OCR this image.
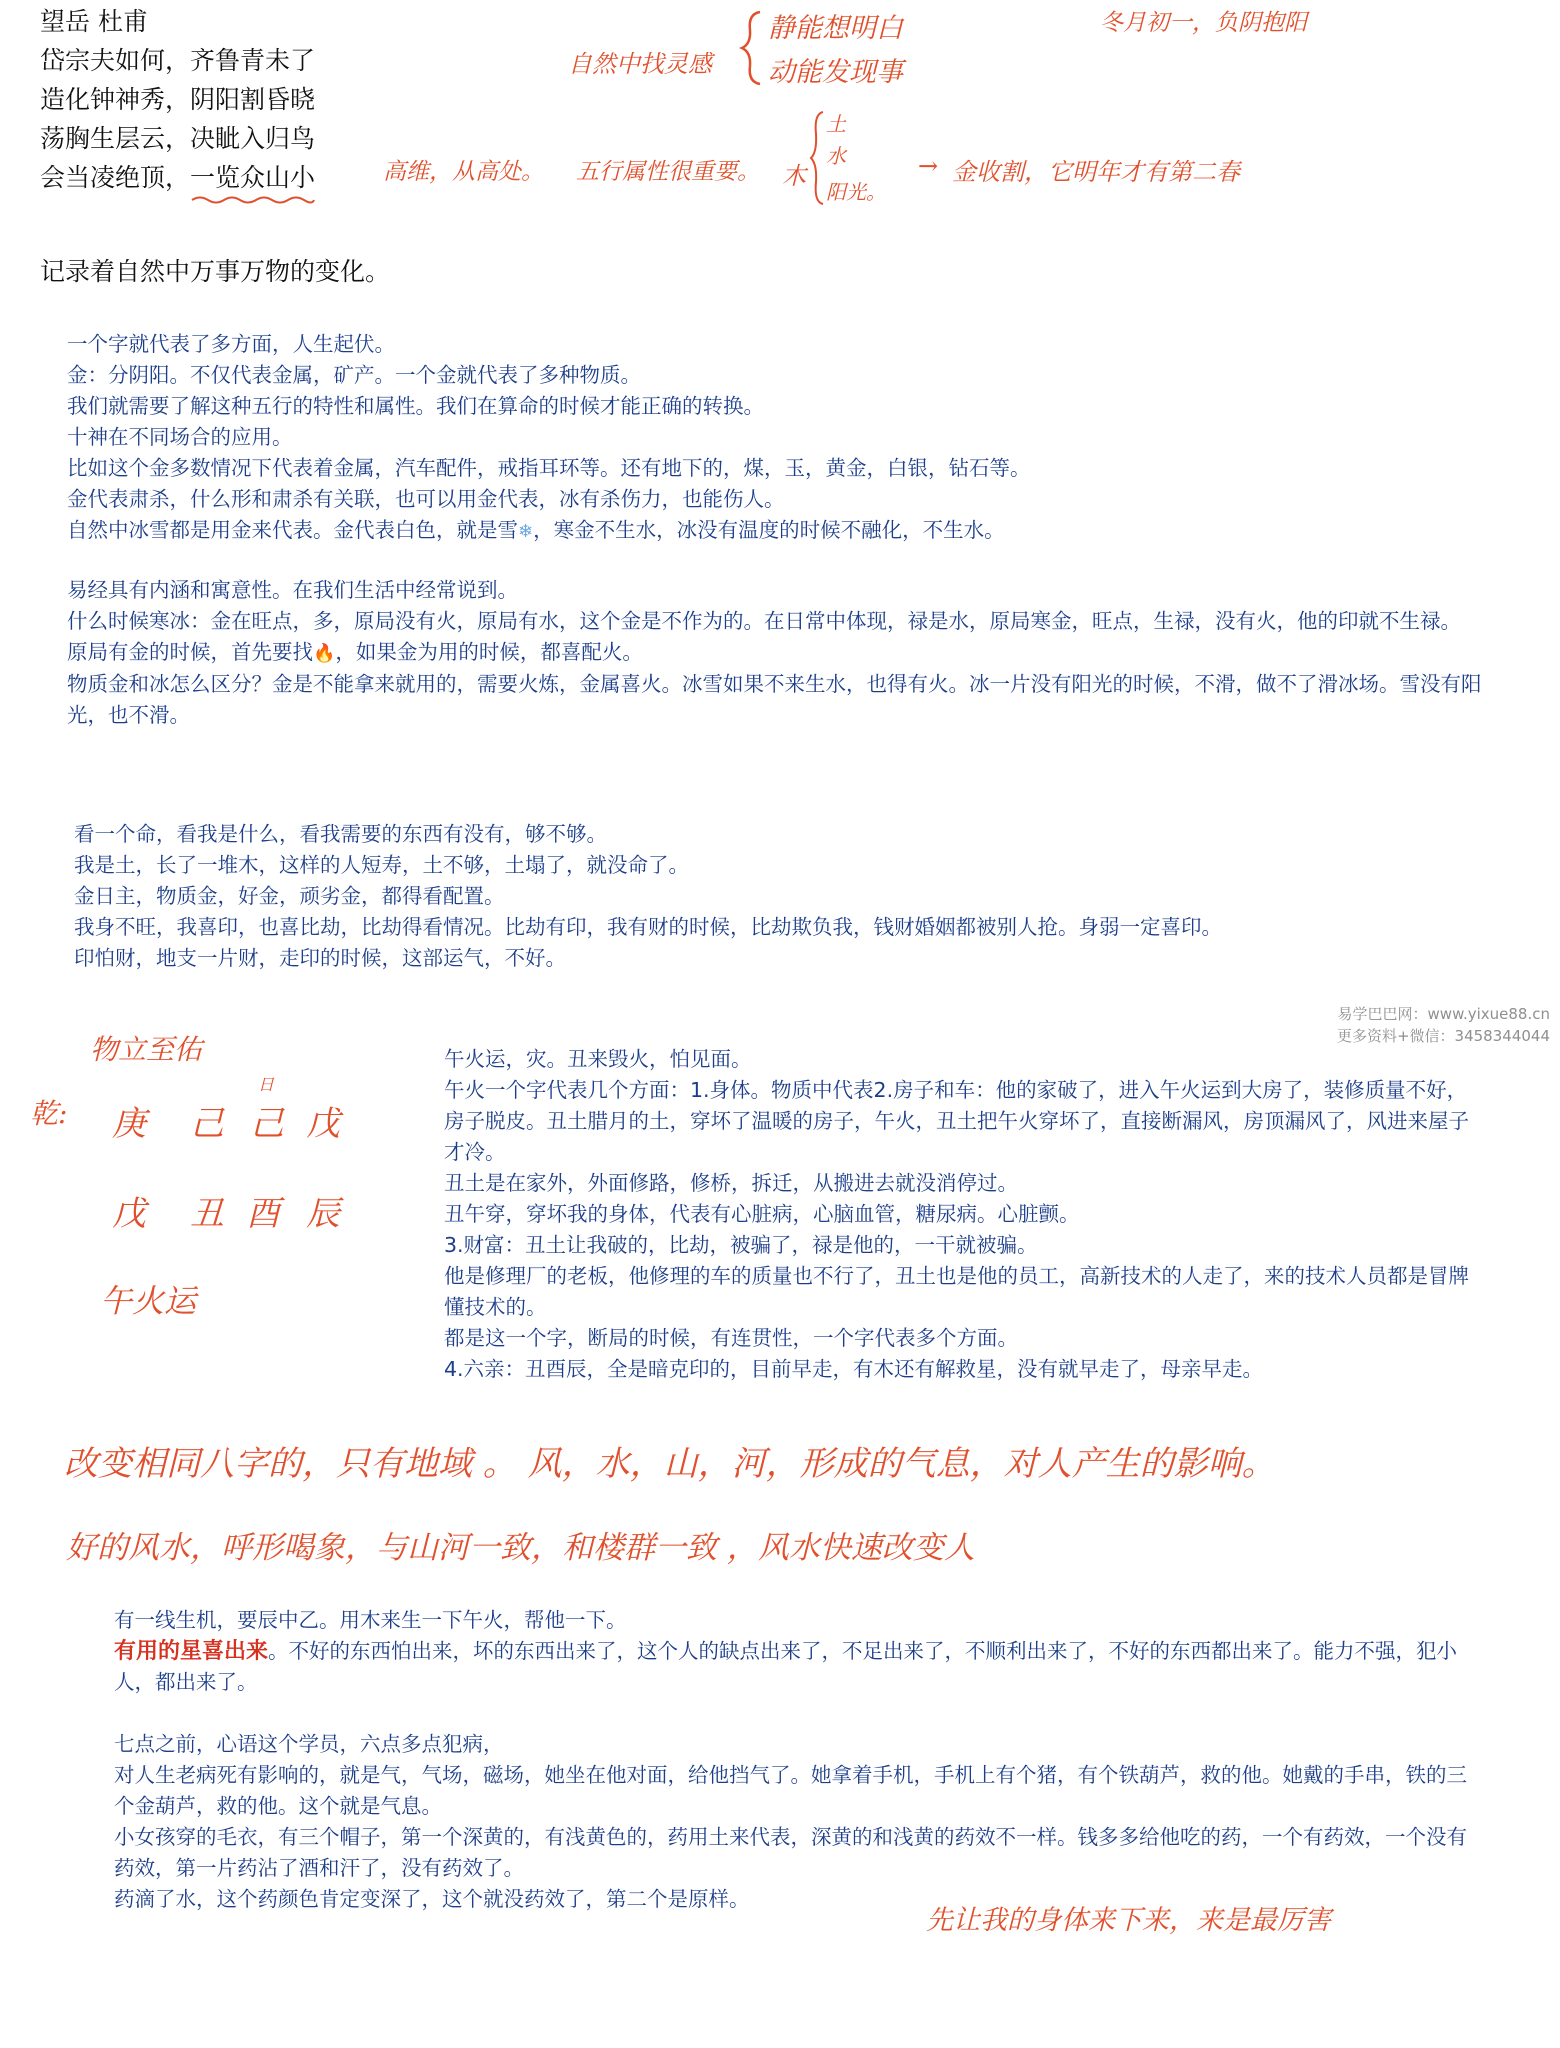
望岳 杜甫
岱宗夫如何，齐鲁青未了
造化钟神秀，阴阳割昏晓
荡胸生层云，决眦入归鸟
会当凌绝顶，一览众山小
自然中找灵感
静能想明白
动能发现事
冬月初一，负阴抱阳
高维，从高处。 五行属性很重要。 木
土
水
阳光。
→ 金收割，它明年才有第二春
记录着自然中万事万物的变化。

一个字就代表了多方面，人生起伏。

金：分阴阳。不仅代表金属，矿产。一个金就代表了多种物质。

我们就需要了解这种五行的特性和属性。我们在算命的时候才能正确的转换。

十神在不同场合的应用。

比如这个金多数情况下代表着金属，汽车配件，戒指耳环等。还有地下的，煤，玉，黄金，白银，钻石等。

金代表肃杀，什么形和肃杀有关联，也可以用金代表，冰有杀伤力，也能伤人。

自然中冰雪都是用金来代表。金代表白色，就是雪❄，寒金不生水，冰没有温度的时候不融化，不生水。

易经具有内涵和寓意性。在我们生活中经常说到。

什么时候寒冰：金在旺点，多，原局没有火，原局有水，这个金是不作为的。在日常中体现，禄是水，原局寒金，旺点，生禄，没有火，他的印就不生禄。

原局有金的时候，首先要找🔥，如果金为用的时候，都喜配火。

物质金和冰怎么区分？金是不能拿来就用的，需要火炼，金属喜火。冰雪如果不来生水，也得有火。冰一片没有阳光的时候，不滑，做不了滑冰场。雪没有阳光，也不滑。

看一个命，看我是什么，看我需要的东西有没有，够不够。

我是土，长了一堆木，这样的人短寿，土不够，土塌了，就没命了。

金日主，物质金，好金，顽劣金，都得看配置。

我身不旺，我喜印，也喜比劫，比劫得看情况。比劫有印，我有财的时候，比劫欺负我，钱财婚姻都被别人抢。身弱一定喜印。

印怕财，地支一片财，走印的时候，这部运气，不好。

易学巴巴网：www.yixue88.cn
更多资料+微信：3458344044
物立至佑
乾:
日
庚 己 己 戊
戊 丑 酉 辰
午火运

午火运，灾。丑来毁火，怕见面。

午火一个字代表几个方面：1.身体。物质中代表2.房子和车：他的家破了，进入午火运到大房了，装修质量不好，房子脱皮。丑土腊月的土，穿坏了温暖的房子，午火，丑土把午火穿坏了，直接断漏风，房顶漏风了，风进来屋子才冷。

丑土是在家外，外面修路，修桥，拆迁，从搬进去就没消停过。

丑午穿，穿坏我的身体，代表有心脏病，心脑血管，糖尿病。心脏颤。

3.财富：丑土让我破的，比劫，被骗了，禄是他的，一干就被骗。

他是修理厂的老板，他修理的车的质量也不行了，丑土也是他的员工，高新技术的人走了，来的技术人员都是冒牌懂技术的。

都是这一个字，断局的时候，有连贯性，一个字代表多个方面。

4.六亲：丑酉辰，全是暗克印的，目前早走，有木还有解救星，没有就早走了，母亲早走。

改变相同八字的，只有地域 。 风，水，山，河，形成的气息，对人产生的影响。
好的风水，呼形喝象，与山河一致，和楼群一致 ，风水快速改变人

有一线生机，要辰中乙。用木来生一下午火，帮他一下。

有用的星喜出来。不好的东西怕出来，坏的东西出来了，这个人的缺点出来了，不足出来了，不顺利出来了，不好的东西都出来了。能力不强，犯小人，都出来了。

七点之前，心语这个学员，六点多点犯病，

对人生老病死有影响的，就是气，气场，磁场，她坐在他对面，给他挡气了。她拿着手机，手机上有个猪，有个铁葫芦，救的他。她戴的手串，铁的三个金葫芦，救的他。这个就是气息。

小女孩穿的毛衣，有三个帽子，第一个深黄的，有浅黄色的，药用土来代表，深黄的和浅黄的药效不一样。钱多多给他吃的药，一个有药效，一个没有药效，第一片药沾了酒和汗了，没有药效了。

药滴了水，这个药颜色肯定变深了，这个就没药效了，第二个是原样。

先让我的身体来下来，来是最厉害
